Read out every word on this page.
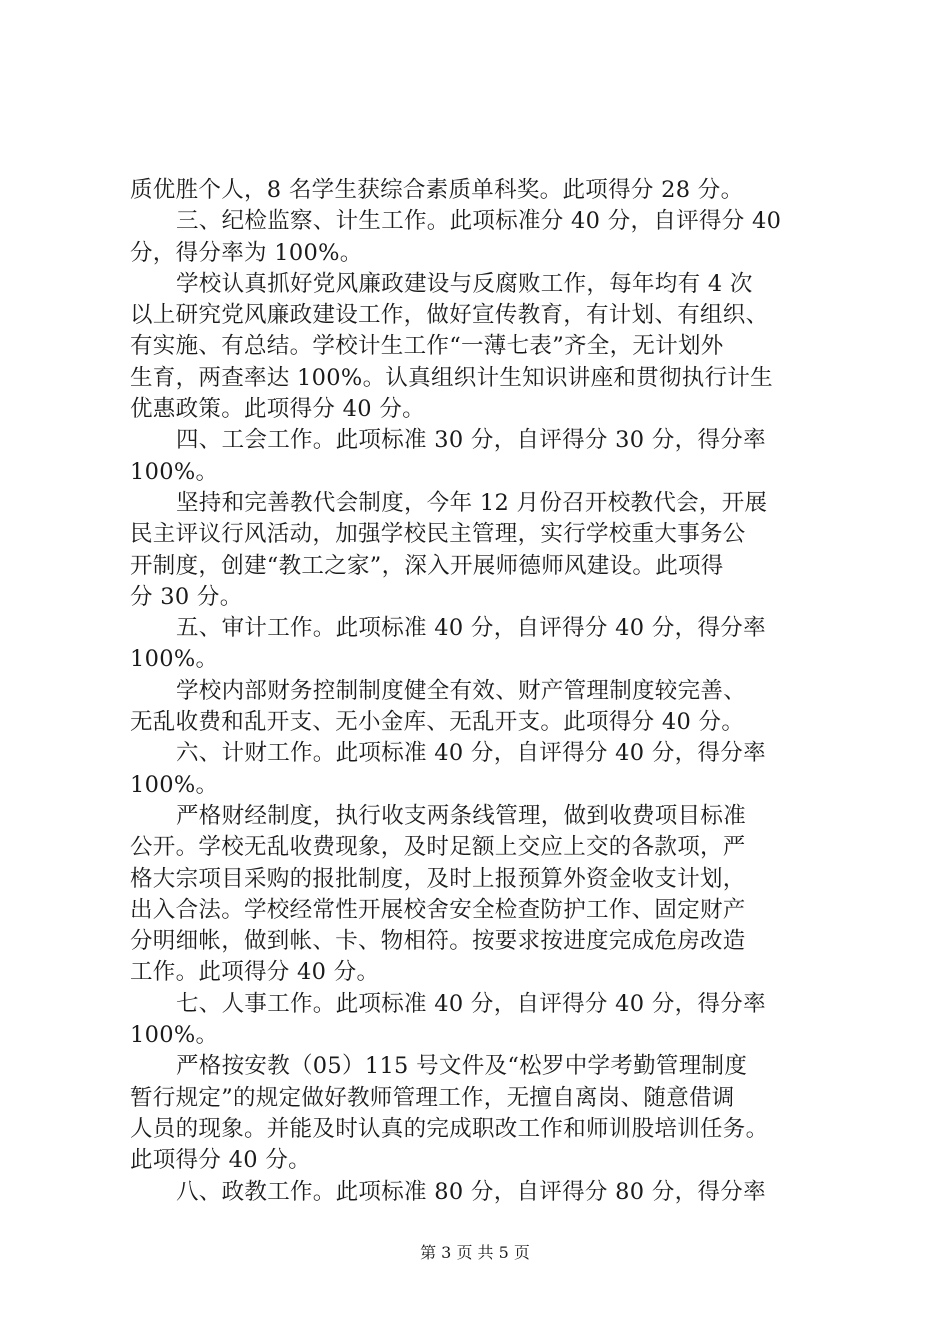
质优胜个人，8 名学生获综合素质单科奖。此项得分 28 分。
三、纪检监察、计生工作。此项标准分 40 分，自评得分 40
分，得分率为 100%。
学校认真抓好党风廉政建设与反腐败工作，每年均有 4 次
以上研究党风廉政建设工作，做好宣传教育，有计划、有组织、
有实施、有总结。学校计生工作“一薄七表”齐全，无计划外
生育，两查率达 100%。认真组织计生知识讲座和贯彻执行计生
优惠政策。此项得分 40 分。
四、工会工作。此项标准 30 分，自评得分 30 分，得分率
100%。
坚持和完善教代会制度，今年 12 月份召开校教代会，开展
民主评议行风活动，加强学校民主管理，实行学校重大事务公
开制度，创建“教工之家”，深入开展师德师风建设。此项得
分 30 分。
五、审计工作。此项标准 40 分，自评得分 40 分，得分率
100%。
学校内部财务控制制度健全有效、财产管理制度较完善、
无乱收费和乱开支、无小金库、无乱开支。此项得分 40 分。
六、计财工作。此项标准 40 分，自评得分 40 分，得分率
100%。
严格财经制度，执行收支两条线管理，做到收费项目标准
公开。学校无乱收费现象，及时足额上交应上交的各款项，严
格大宗项目采购的报批制度，及时上报预算外资金收支计划，
出入合法。学校经常性开展校舍安全检查防护工作、固定财产
分明细帐，做到帐、卡、物相符。按要求按进度完成危房改造
工作。此项得分 40 分。
七、人事工作。此项标准 40 分，自评得分 40 分，得分率
100%。
严格按安教（05）115 号文件及“松罗中学考勤管理制度
暂行规定”的规定做好教师管理工作，无擅自离岗、随意借调
人员的现象。并能及时认真的完成职改工作和师训股培训任务。
此项得分 40 分。
八、政教工作。此项标准 80 分，自评得分 80 分，得分率
第 3 页 共 5 页
